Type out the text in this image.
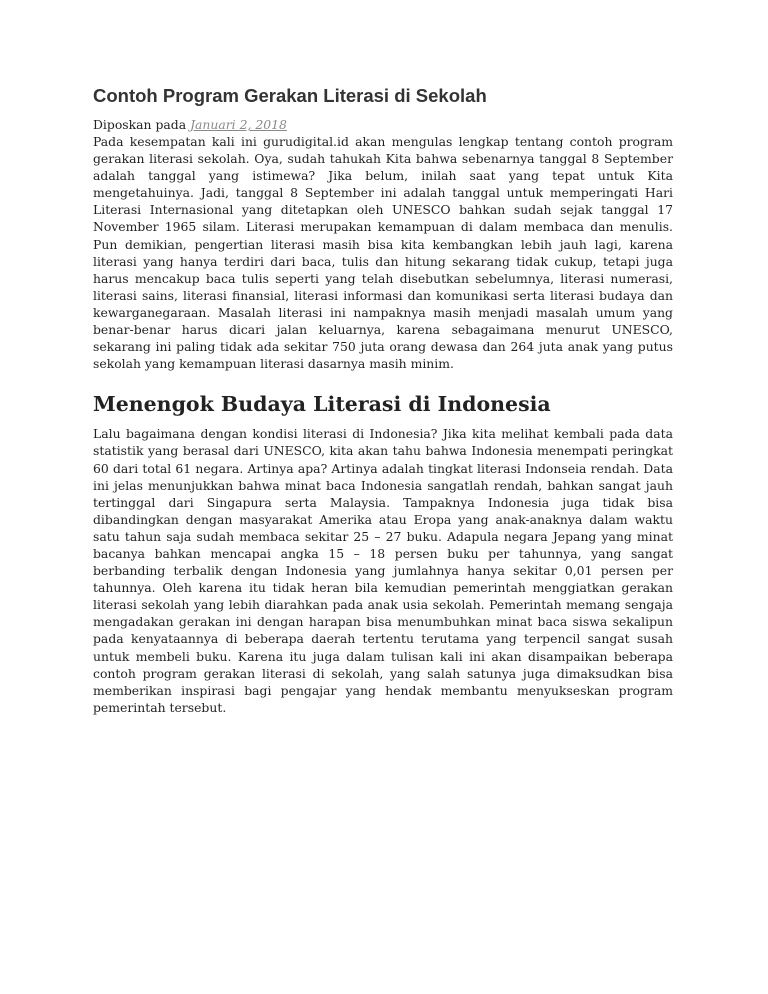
Contoh Program Gerakan Literasi di Sekolah

Diposkan pada Januari 2, 2018

Pada kesempatan kali ini gurudigital.id akan mengulas lengkap tentang contoh program gerakan literasi sekolah. Oya, sudah tahukah Kita bahwa sebenarnya tanggal 8 September adalah tanggal yang istimewa? Jika belum, inilah saat yang tepat untuk Kita mengetahuinya. Jadi, tanggal 8 September ini adalah tanggal untuk memperingati Hari Literasi Internasional yang ditetapkan oleh UNESCO bahkan sudah sejak tanggal 17 November 1965 silam. Literasi merupakan kemampuan di dalam membaca dan menulis. Pun demikian, pengertian literasi masih bisa kita kembangkan lebih jauh lagi, karena literasi yang hanya terdiri dari baca, tulis dan hitung sekarang tidak cukup, tetapi juga harus mencakup baca tulis seperti yang telah disebutkan sebelumnya, literasi numerasi, literasi sains, literasi finansial, literasi informasi dan komunikasi serta literasi budaya dan kewarganegaraan. Masalah literasi ini nampaknya masih menjadi masalah umum yang benar-benar harus dicari jalan keluarnya, karena sebagaimana menurut UNESCO, sekarang ini paling tidak ada sekitar 750 juta orang dewasa dan 264 juta anak yang putus sekolah yang kemampuan literasi dasarnya masih minim.

Menengok Budaya Literasi di Indonesia

Lalu bagaimana dengan kondisi literasi di Indonesia? Jika kita melihat kembali pada data statistik yang berasal dari UNESCO, kita akan tahu bahwa Indonesia menempati peringkat 60 dari total 61 negara. Artinya apa? Artinya adalah tingkat literasi Indonseia rendah. Data ini jelas menunjukkan bahwa minat baca Indonesia sangatlah rendah, bahkan sangat jauh tertinggal dari Singapura serta Malaysia. Tampaknya Indonesia juga tidak bisa dibandingkan dengan masyarakat Amerika atau Eropa yang anak-anaknya dalam waktu satu tahun saja sudah membaca sekitar 25 – 27 buku. Adapula negara Jepang yang minat bacanya bahkan mencapai angka 15 – 18 persen buku per tahunnya, yang sangat berbanding terbalik dengan Indonesia yang jumlahnya hanya sekitar 0,01 persen per tahunnya. Oleh karena itu tidak heran bila kemudian pemerintah menggiatkan gerakan literasi sekolah yang lebih diarahkan pada anak usia sekolah. Pemerintah memang sengaja mengadakan gerakan ini dengan harapan bisa menumbuhkan minat baca siswa sekalipun pada kenyataannya di beberapa daerah tertentu terutama yang terpencil sangat susah untuk membeli buku. Karena itu juga dalam tulisan kali ini akan disampaikan beberapa contoh program gerakan literasi di sekolah, yang salah satunya juga dimaksudkan bisa memberikan inspirasi bagi pengajar yang hendak membantu menyukseskan program pemerintah tersebut.
